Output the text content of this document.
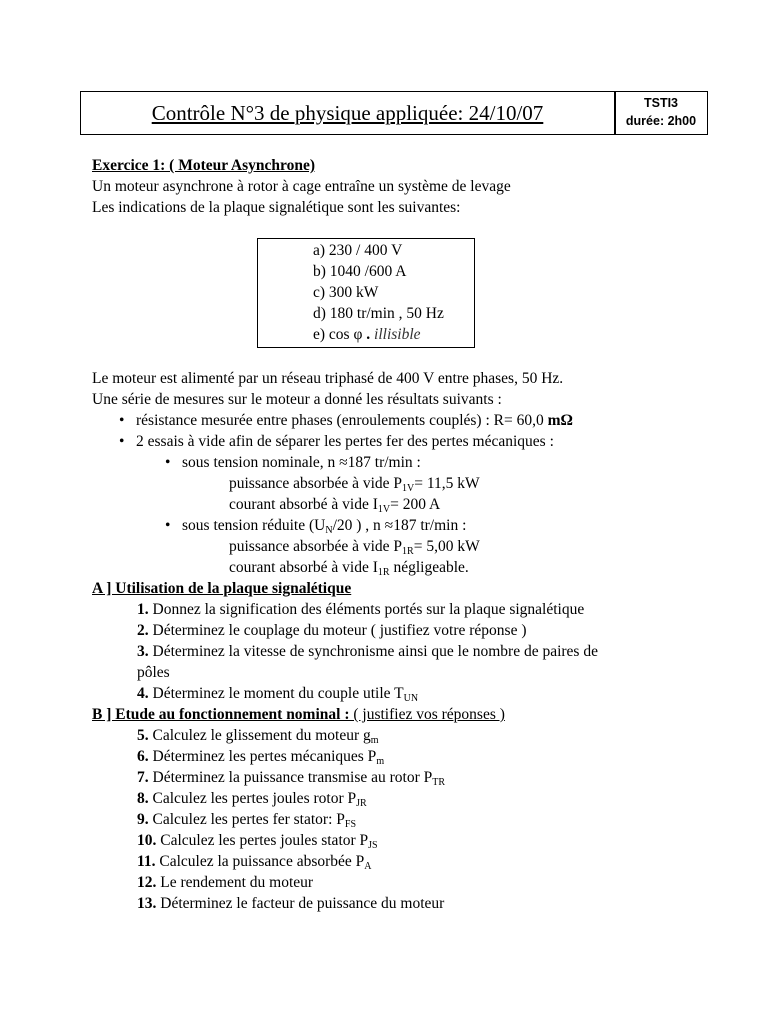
Contrôle N°3 de physique appliquée: 24/10/07	TSTI3
durée: 2h00
Exercice 1: ( Moteur Asynchrone)
Un moteur asynchrone à rotor à cage entraîne un système de levage
Les indications de la plaque signalétique sont les suivantes:
a) 230 / 400 V
b) 1040 /600 A
c) 300 kW
d) 180 tr/min , 50 Hz
e) cos φ . illisible
Le moteur est alimenté par un réseau triphasé de 400 V entre phases, 50 Hz.
Une série de mesures sur le moteur a donné les résultats suivants :
• résistance mesurée entre phases (enroulements couplés) : R= 60,0 mΩ
• 2 essais à vide afin de séparer les pertes fer des pertes mécaniques :
• sous tension nominale, n ≈187 tr/min :
puissance absorbée à vide $P_{1V}= 11,5$ kW
courant absorbé à vide $I_{1V}= 200$ A
• sous tension réduite ($U_N/20$ ) , n ≈187 tr/min :
puissance absorbée à vide $P_{1R}= 5,00$ kW
courant absorbé à vide $I_{1R}$ négligeable.
A ] Utilisation de la plaque signalétique
1. Donnez la signification des éléments portés sur la plaque signalétique
2. Déterminez le couplage du moteur ( justifiez votre réponse )
3. Déterminez la vitesse de synchronisme ainsi que le nombre de paires de
pôles
4. Déterminez le moment du couple utile $T_{UN}$
B ] Etude au fonctionnement nominal : ( justifiez vos réponses )
5. Calculez le glissement du moteur $g_m$
6. Déterminez les pertes mécaniques $P_m$
7. Déterminez la puissance transmise au rotor $P_{TR}$
8. Calculez les pertes joules rotor $P_{JR}$
9. Calculez les pertes fer stator: $P_{FS}$
10. Calculez les pertes joules stator $P_{JS}$
11. Calculez la puissance absorbée $P_A$
12. Le rendement du moteur
13. Déterminez le facteur de puissance du moteur
